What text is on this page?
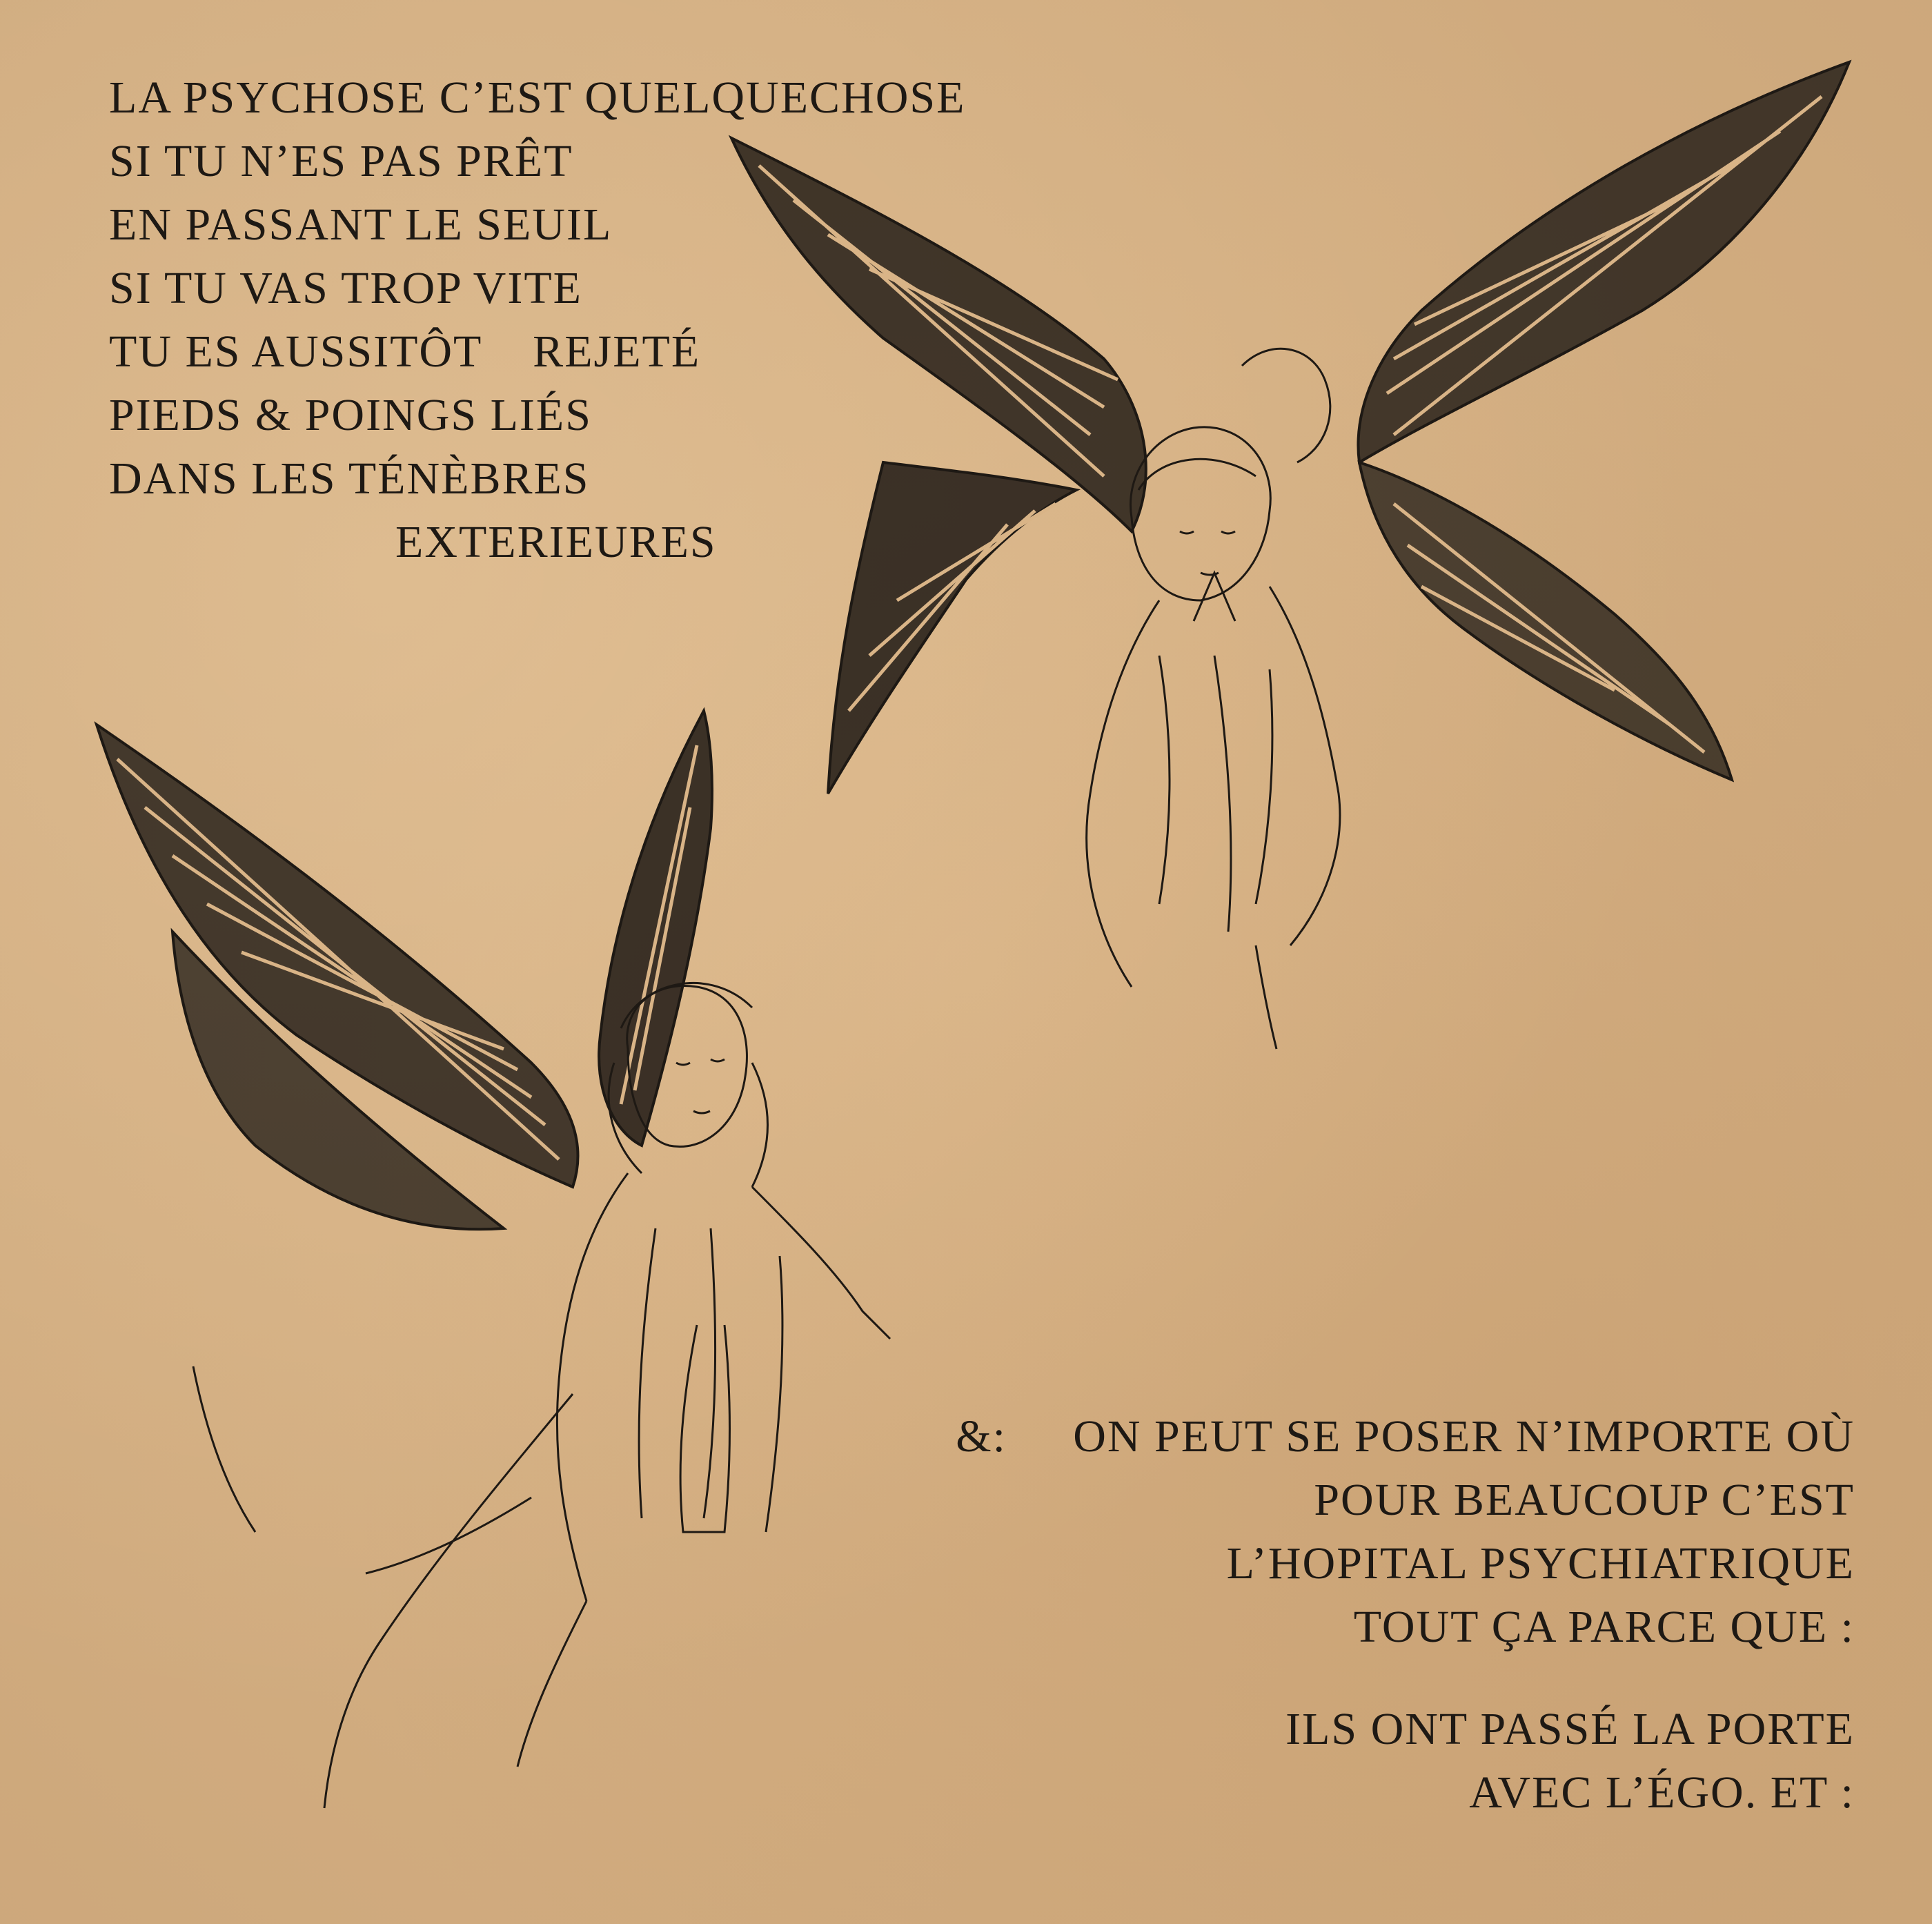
LA PSYCHOSE C’EST QUELQUECHOSE
SI TU N’ES PAS PRÊT
EN PASSANT LE SEUIL
SI TU VAS TROP VITE
TU ES AUSSITÔT    REJETÉ
PIEDS & POINGS LIÉS
DANS LES TÉNÈBRES
EXTERIEURES
&: ON PEUT SE POSER N’IMPORTE OÙ
POUR BEAUCOUP C’EST
L’HOPITAL PSYCHIATRIQUE
TOUT ÇA PARCE QUE :
ILS ONT PASSÉ LA PORTE
AVEC L’ÉGO. ET :
